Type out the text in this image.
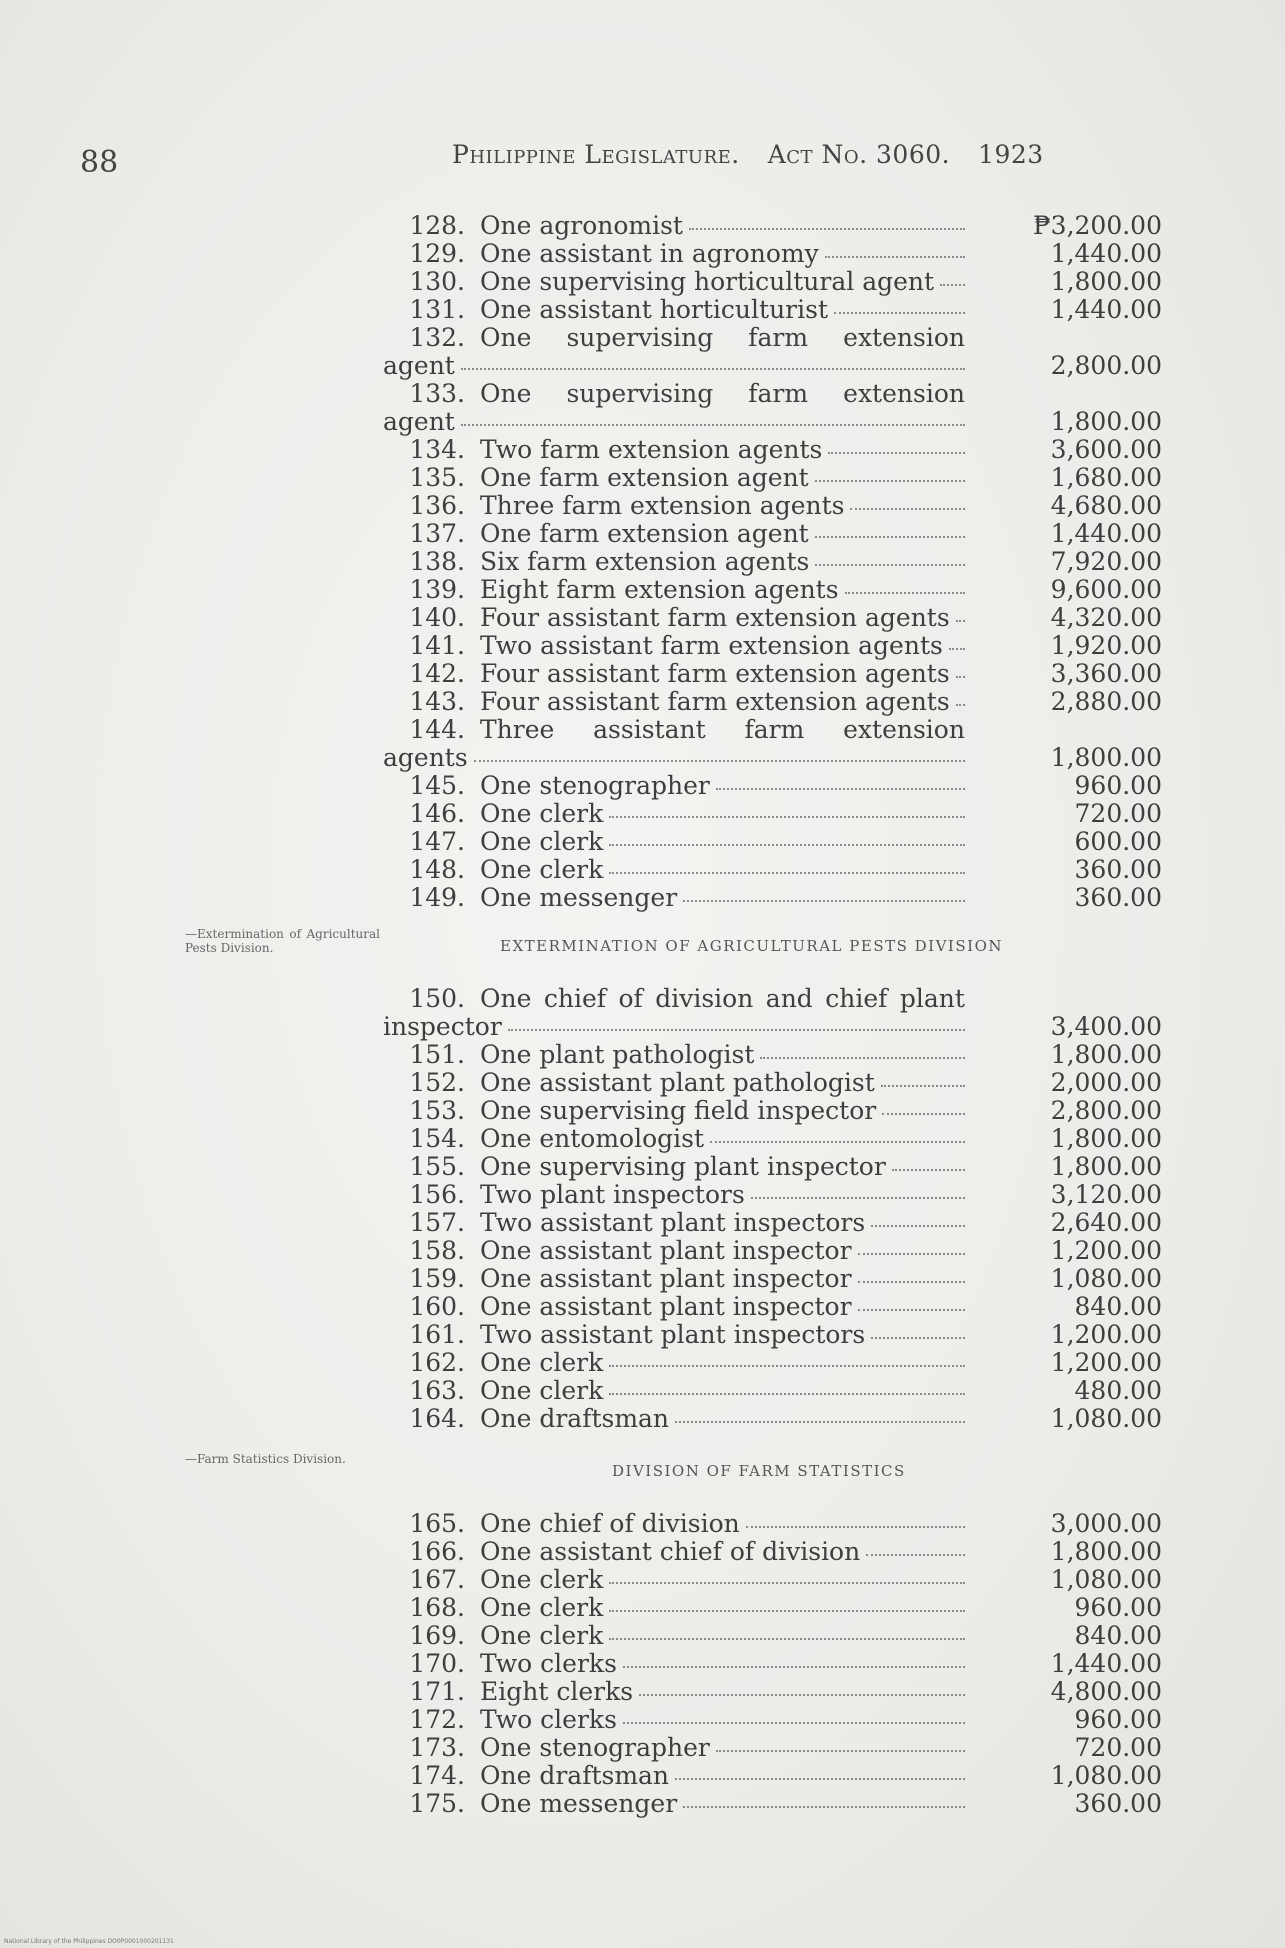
88	Philippine Legislature. Act No. 3060. 1923
128. One agronomist	₱3,200.00
129. One assistant in agronomy	1,440.00
130. One supervising horticultural agent	1,800.00
131. One assistant horticulturist	1,440.00
132. One supervising farm extension
agent	2,800.00
133. One supervising farm extension
agent	1,800.00
134. Two farm extension agents	3,600.00
135. One farm extension agent	1,680.00
136. Three farm extension agents	4,680.00
137. One farm extension agent	1,440.00
138. Six farm extension agents	7,920.00
139. Eight farm extension agents	9,600.00
140. Four assistant farm extension agents	4,320.00
141. Two assistant farm extension agents	1,920.00
142. Four assistant farm extension agents	3,360.00
143. Four assistant farm extension agents	2,880.00
144. Three assistant farm extension
agents	1,800.00
145. One stenographer	960.00
146. One clerk	720.00
147. One clerk	600.00
148. One clerk	360.00
149. One messenger	360.00
EXTERMINATION OF AGRICULTURAL PESTS DIVISION
—Extermination of Agricultural Pests Division.
150. One chief of division and chief plant
inspector	3,400.00
151. One plant pathologist	1,800.00
152. One assistant plant pathologist	2,000.00
153. One supervising field inspector	2,800.00
154. One entomologist	1,800.00
155. One supervising plant inspector	1,800.00
156. Two plant inspectors	3,120.00
157. Two assistant plant inspectors	2,640.00
158. One assistant plant inspector	1,200.00
159. One assistant plant inspector	1,080.00
160. One assistant plant inspector	840.00
161. Two assistant plant inspectors	1,200.00
162. One clerk	1,200.00
163. One clerk	480.00
164. One draftsman	1,080.00
DIVISION OF FARM STATISTICS
—Farm Statistics Division.
165. One chief of division	3,000.00
166. One assistant chief of division	1,800.00
167. One clerk	1,080.00
168. One clerk	960.00
169. One clerk	840.00
170. Two clerks	1,440.00
171. Eight clerks	4,800.00
172. Two clerks	960.00
173. One stenographer	720.00
174. One draftsman	1,080.00
175. One messenger	360.00
National Library of the Philippines DO0P0001000201131
